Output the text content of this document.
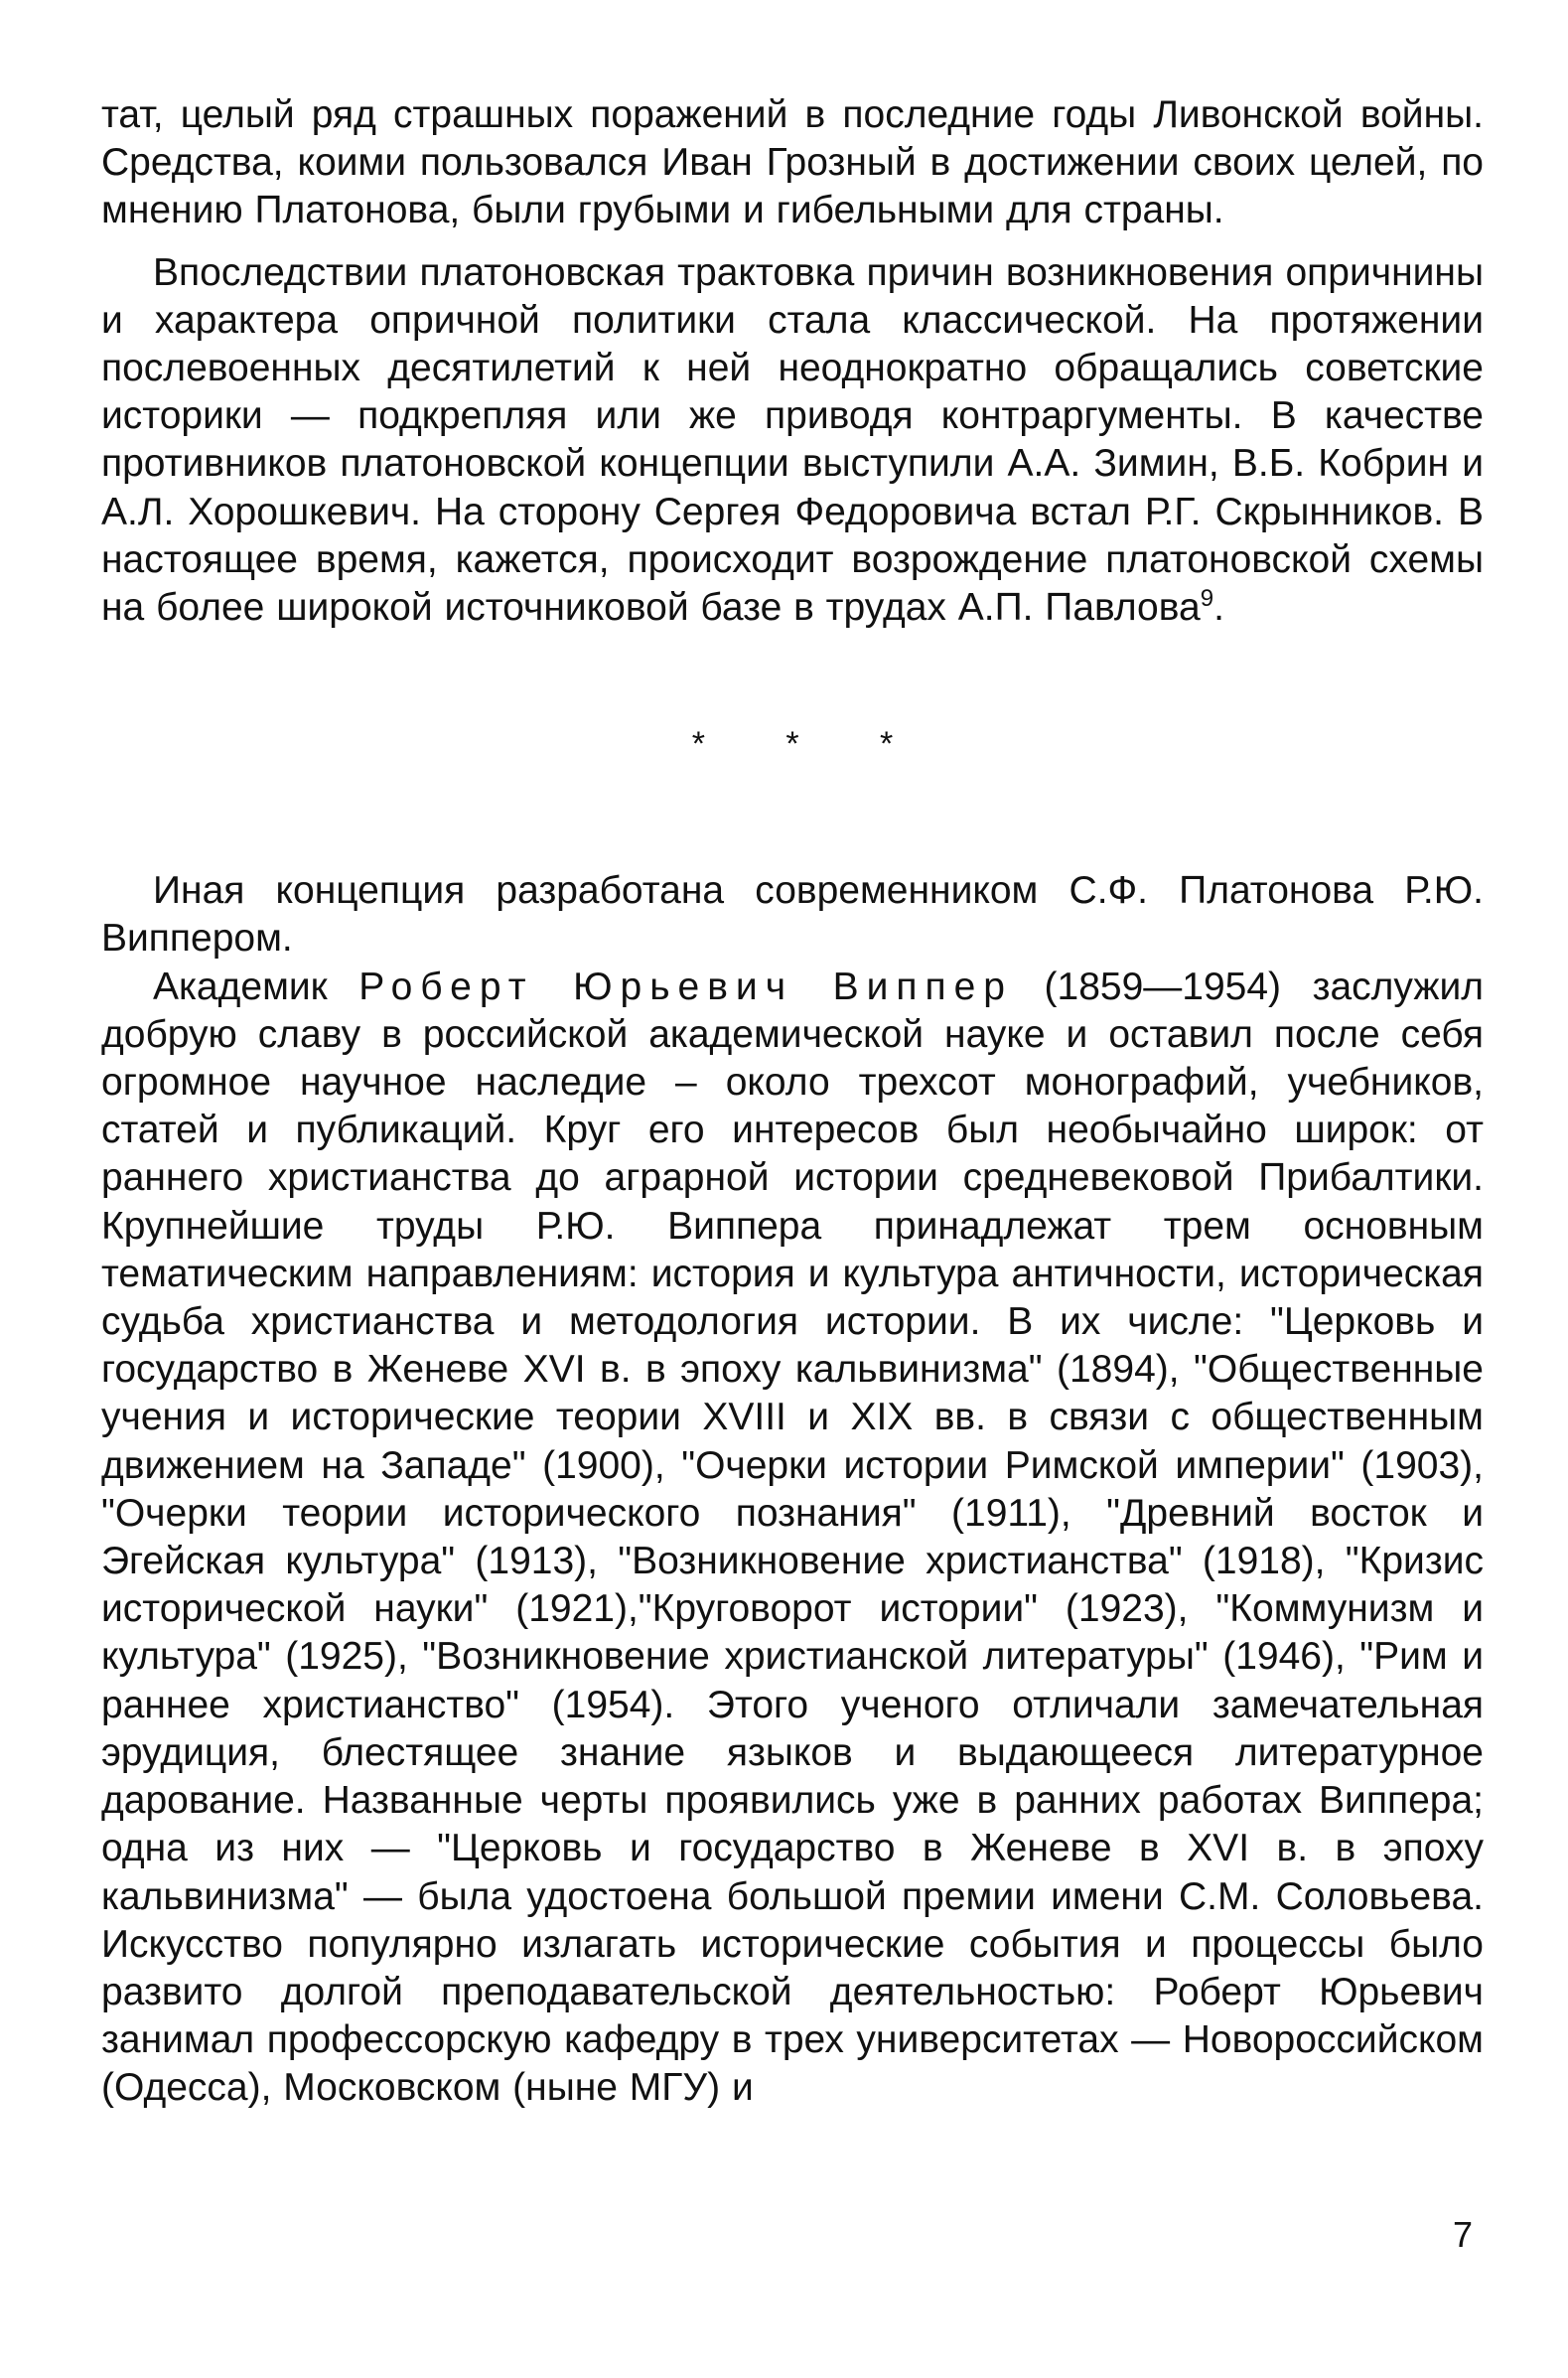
тат, целый ряд страшных поражений в последние годы Ливонской войны. Средства, коими пользовался Иван Грозный в достижении своих целей, по мнению Платонова, были грубыми и гибельными для страны.

Впоследствии платоновская трактовка причин возникновения опричнины и характера опричной политики стала классической. На протяжении послевоенных десятилетий к ней неоднократно обращались советские историки — подкрепляя или же приводя контраргументы. В качестве противников платоновской концепции выступили А.А. Зимин, В.Б. Кобрин и А.Л. Хорошкевич. На сторону Сергея Федоровича встал Р.Г. Скрынников. В настоящее время, кажется, происходит возрождение платоновской схемы на более широкой источниковой базе в трудах А.П. Павлова$^9$.

* * *

Иная концепция разработана современником С.Ф. Платонова Р.Ю. Виппером.

Академик Роберт Юрьевич Виппер (1859—1954) заслужил добрую славу в российской академической науке и оставил после себя огромное научное наследие – около трехсот монографий, учебников, статей и публикаций. Круг его интересов был необычайно широк: от раннего христианства до аграрной истории средневековой Прибалтики. Крупнейшие труды Р.Ю. Виппера принадлежат трем основным тематическим направлениям: история и культура античности, историческая судьба христианства и методология истории. В их числе: "Церковь и государство в Женеве XVI в. в эпоху кальвинизма" (1894), "Общественные учения и исторические теории XVIII и XIX вв. в связи с общественным движением на Западе" (1900), "Очерки истории Римской империи" (1903), "Очерки теории исторического познания" (1911), "Древний восток и Эгейская культура" (1913), "Возникновение христианства" (1918), "Кризис исторической науки" (1921),"Круговорот истории" (1923), "Коммунизм и культура" (1925), "Возникновение христианской литературы" (1946), "Рим и раннее христианство" (1954). Этого ученого отличали замечательная эрудиция, блестящее знание языков и выдающееся литературное дарование. Названные черты проявились уже в ранних работах Виппера; одна из них — "Церковь и государство в Женеве в XVI в. в эпоху кальвинизма" — была удостоена большой премии имени С.М. Соловьева. Искусство популярно излагать исторические события и процессы было развито долгой преподавательской деятельностью: Роберт Юрьевич занимал профессорскую кафедру в трех университетах — Новороссийском (Одесса), Московском (ныне МГУ) и

7
